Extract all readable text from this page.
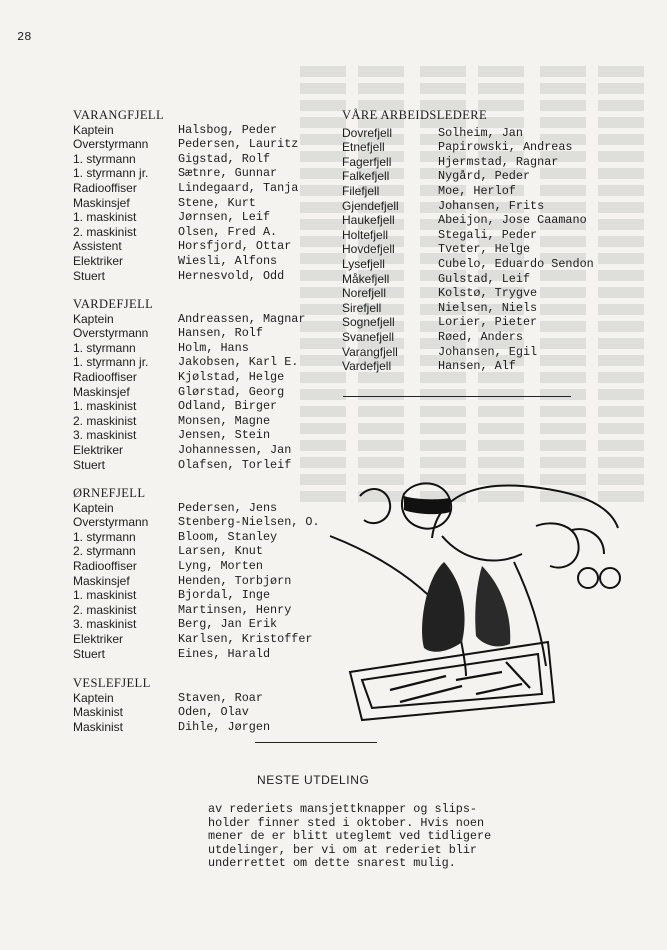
28
VARANGFJELL
Kaptein	Halsbog, Peder
Overstyrmann	Pedersen, Lauritz
1. styrmann	Gigstad, Rolf
1. styrmann jr.	Sætnre, Gunnar
Radiooffiser	Lindegaard, Tanja
Maskinsjef	Stene, Kurt
1. maskinist	Jørnsen, Leif
2. maskinist	Olsen, Fred A.
Assistent	Horsfjord, Ottar
Elektriker	Wiesli, Alfons
Stuert	Hernesvold, Odd
VARDEFJELL
Kaptein	Andreassen, Magnar
Overstyrmann	Hansen, Rolf
1. styrmann	Holm, Hans
1. styrmann jr.	Jakobsen, Karl E.
Radiooffiser	Kjølstad, Helge
Maskinsjef	Glørstad, Georg
1. maskinist	Odland, Birger
2. maskinist	Monsen, Magne
3. maskinist	Jensen, Stein
Elektriker	Johannessen, Jan
Stuert	Olafsen, Torleif
ØRNEFJELL
Kaptein	Pedersen, Jens
Overstyrmann	Stenberg-Nielsen, O.
1. styrmann	Bloom, Stanley
2. styrmann	Larsen, Knut
Radiooffiser	Lyng, Morten
Maskinsjef	Henden, Torbjørn
1. maskinist	Bjordal, Inge
2. maskinist	Martinsen, Henry
3. maskinist	Berg, Jan Erik
Elektriker	Karlsen, Kristoffer
Stuert	Eines, Harald
VESLEFJELL
Kaptein	Staven, Roar
Maskinist	Oden, Olav
Maskinist	Dihle, Jørgen
VÅRE ARBEIDSLEDERE
Dovrefjell	Solheim, Jan
Etnefjell	Papirowski, Andreas
Fagerfjell	Hjermstad, Ragnar
Falkefjell	Nygård, Peder
Filefjell	Moe, Herlof
Gjendefjell	Johansen, Frits
Haukefjell	Abeijon, Jose Caamano
Holtefjell	Stegali, Peder
Hovdefjell	Tveter, Helge
Lysefjell	Cubelo, Eduardo Sendon
Måkefjell	Gulstad, Leif
Norefjell	Kolstø, Trygve
Sirefjell	Nielsen, Niels
Sognefjell	Lorier, Pieter
Svanefjell	Røed, Anders
Varangfjell	Johansen, Egil
Vardefjell	Hansen, Alf
NESTE UTDELING
av rederiets mansjettknapper og slips-
holder finner sted i oktober. Hvis noen
mener de er blitt uteglemt ved tidligere
utdelinger, ber vi om at rederiet blir
underrettet om dette snarest mulig.
